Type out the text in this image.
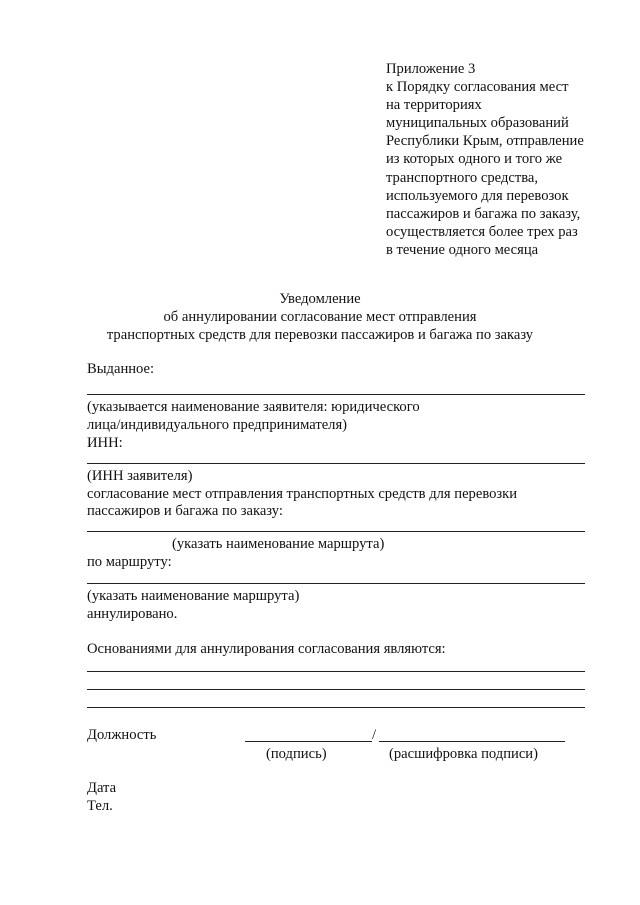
Приложение 3
к Порядку согласования мест
на территориях
муниципальных образований
Республики Крым, отправление
из которых одного и того же
транспортного средства,
используемого для перевозок
пассажиров и багажа по заказу,
осуществляется более трех раз
в течение одного месяца
Уведомление
об аннулировании согласование мест отправления
транспортных средств для перевозки пассажиров и багажа по заказу
Выданное:
(указывается наименование заявителя: юридического
лица/индивидуального предпринимателя)
ИНН:
(ИНН заявителя)
согласование мест отправления транспортных средств для перевозки
пассажиров и багажа по заказу:
(указать наименование маршрута)
по маршруту:
(указать наименование маршрута)
аннулировано.
Основаниями для аннулирования согласования являются:
Должность	/
(подпись)	(расшифровка подписи)
Дата
Тел.
